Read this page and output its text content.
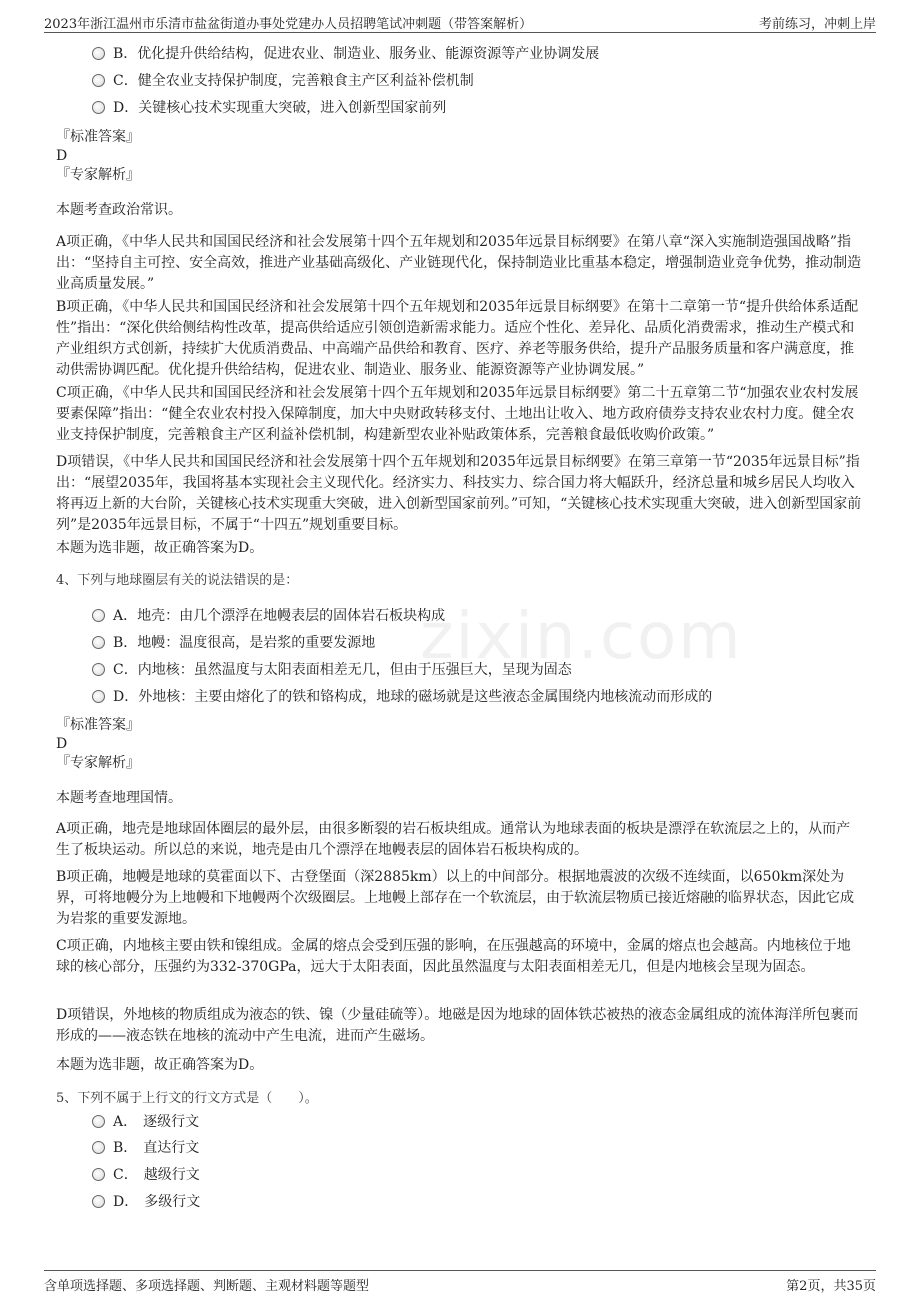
2023年浙江温州市乐清市盐盆街道办事处党建办人员招聘笔试冲刺题（带答案解析）	考前练习，冲刺上岸
zixin.com
B．优化提升供给结构，促进农业、制造业、服务业、能源资源等产业协调发展
C．健全农业支持保护制度，完善粮食主产区利益补偿机制
D．关键核心技术实现重大突破，进入创新型国家前列
『标准答案』
D
『专家解析』
本题考查政治常识。

A项正确，《中华人民共和国国民经济和社会发展第十四个五年规划和2035年远景目标纲要》在第八章“深入实施制造强国战略”指出：“坚持自主可控、安全高效，推进产业基础高级化、产业链现代化，保持制造业比重基本稳定，增强制造业竞争优势，推动制造业高质量发展。”

B项正确，《中华人民共和国国民经济和社会发展第十四个五年规划和2035年远景目标纲要》在第十二章第一节“提升供给体系适配性”指出：“深化供给侧结构性改革，提高供给适应引领创造新需求能力。适应个性化、差异化、品质化消费需求，推动生产模式和产业组织方式创新，持续扩大优质消费品、中高端产品供给和教育、医疗、养老等服务供给，提升产品服务质量和客户满意度，推动供需协调匹配。优化提升供给结构，促进农业、制造业、服务业、能源资源等产业协调发展。”

C项正确，《中华人民共和国国民经济和社会发展第十四个五年规划和2035年远景目标纲要》第二十五章第二节“加强农业农村发展要素保障”指出：“健全农业农村投入保障制度，加大中央财政转移支付、土地出让收入、地方政府债券支持农业农村力度。健全农业支持保护制度，完善粮食主产区利益补偿机制，构建新型农业补贴政策体系，完善粮食最低收购价政策。”

D项错误，《中华人民共和国国民经济和社会发展第十四个五年规划和2035年远景目标纲要》在第三章第一节“2035年远景目标”指出：“展望2035年，我国将基本实现社会主义现代化。经济实力、科技实力、综合国力将大幅跃升，经济总量和城乡居民人均收入将再迈上新的大台阶，关键核心技术实现重大突破，进入创新型国家前列。”可知，“关键核心技术实现重大突破，进入创新型国家前列”是2035年远景目标，不属于“十四五”规划重要目标。

本题为选非题，故正确答案为D。
4、下列与地球圈层有关的说法错误的是：
A．地壳：由几个漂浮在地幔表层的固体岩石板块构成
B．地幔：温度很高，是岩浆的重要发源地
C．内地核：虽然温度与太阳表面相差无几，但由于压强巨大，呈现为固态
D．外地核：主要由熔化了的铁和铬构成，地球的磁场就是这些液态金属围绕内地核流动而形成的
『标准答案』
D
『专家解析』
本题考查地理国情。

A项正确，地壳是地球固体圈层的最外层，由很多断裂的岩石板块组成。通常认为地球表面的板块是漂浮在软流层之上的，从而产生了板块运动。所以总的来说，地壳是由几个漂浮在地幔表层的固体岩石板块构成的。

B项正确，地幔是地球的莫霍面以下、古登堡面（深2885km）以上的中间部分。根据地震波的次级不连续面，以650km深处为界，可将地幔分为上地幔和下地幔两个次级圈层。上地幔上部存在一个软流层，由于软流层物质已接近熔融的临界状态，因此它成为岩浆的重要发源地。

C项正确，内地核主要由铁和镍组成。金属的熔点会受到压强的影响，在压强越高的环境中，金属的熔点也会越高。内地核位于地球的核心部分，压强约为332-370GPa，远大于太阳表面，因此虽然温度与太阳表面相差无几，但是内地核会呈现为固态。

D项错误，外地核的物质组成为液态的铁、镍（少量硅硫等）。地磁是因为地球的固体铁芯被热的液态金属组成的流体海洋所包裹而形成的——液态铁在地核的流动中产生电流，进而产生磁场。

本题为选非题，故正确答案为D。
5、下列不属于上行文的行文方式是（　　）。
A． 逐级行文
B． 直达行文
C． 越级行文
D． 多级行文
含单项选择题、多项选择题、判断题、主观材料题等题型	第2页，共35页
